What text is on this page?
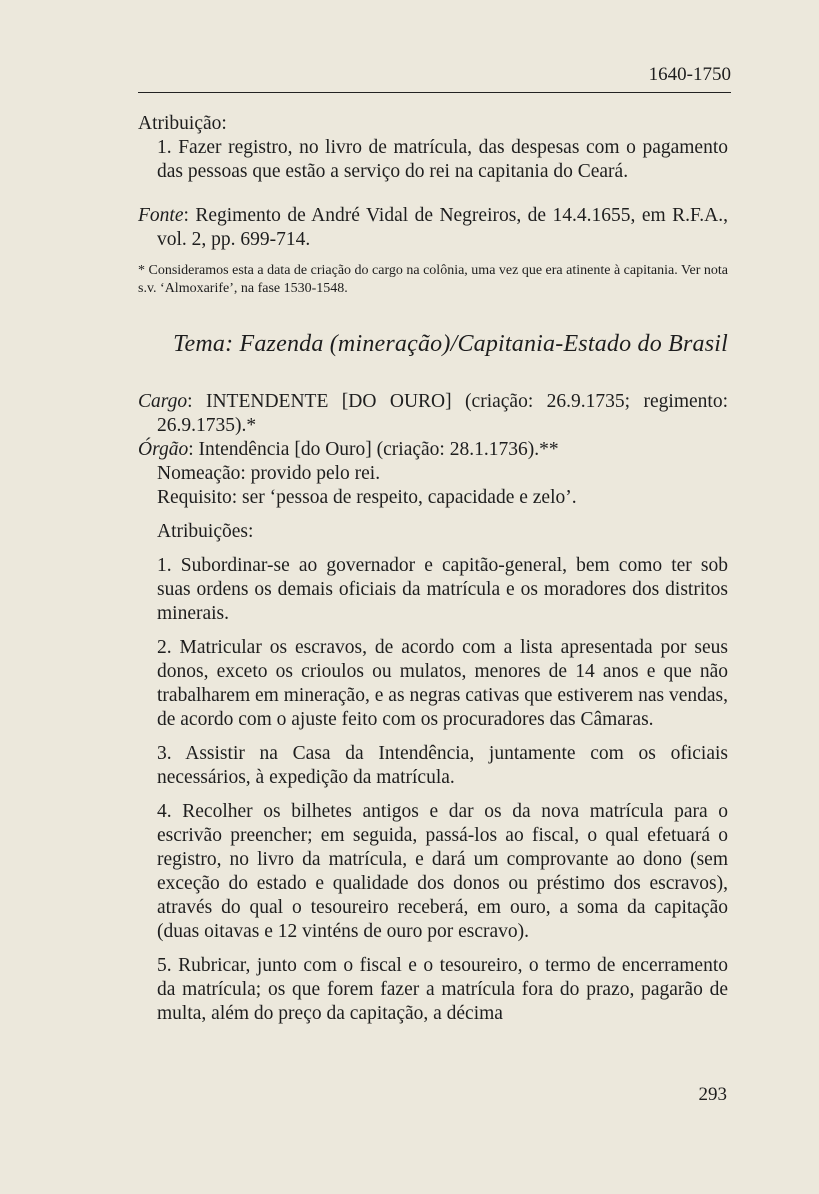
1640-1750

Atribuição:

1. Fazer registro, no livro de matrícula, das despesas com o pagamento das pessoas que estão a serviço do rei na capitania do Ceará.

Fonte: Regimento de André Vidal de Negreiros, de 14.4.1655, em R.F.A., vol. 2, pp. 699-714.

* Consideramos esta a data de criação do cargo na colônia, uma vez que era atinente à capitania. Ver nota s.v. ‘Almoxarife’, na fase 1530-1548.

Tema: Fazenda (mineração)/Capitania-Estado do Brasil

Cargo: INTENDENTE [DO OURO] (criação: 26.9.1735; regimento: 26.9.1735).*

Órgão: Intendência [do Ouro] (criação: 28.1.1736).**

Nomeação: provido pelo rei.

Requisito: ser ‘pessoa de respeito, capacidade e zelo’.

Atribuições:

1. Subordinar-se ao governador e capitão-general, bem como ter sob suas ordens os demais oficiais da matrícula e os moradores dos distritos minerais.

2. Matricular os escravos, de acordo com a lista apresentada por seus donos, exceto os crioulos ou mulatos, menores de 14 anos e que não trabalharem em mineração, e as negras cativas que estiverem nas vendas, de acordo com o ajuste feito com os procuradores das Câmaras.

3. Assistir na Casa da Intendência, juntamente com os oficiais necessários, à expedição da matrícula.

4. Recolher os bilhetes antigos e dar os da nova matrícula para o escrivão preencher; em seguida, passá-los ao fiscal, o qual efetuará o registro, no livro da matrícula, e dará um comprovante ao dono (sem exceção do estado e qualidade dos donos ou préstimo dos escravos), através do qual o tesoureiro receberá, em ouro, a soma da capitação (duas oitavas e 12 vinténs de ouro por escravo).

5. Rubricar, junto com o fiscal e o tesoureiro, o termo de encerramento da matrícula; os que forem fazer a matrícula fora do prazo, pagarão de multa, além do preço da capitação, a décima

293
